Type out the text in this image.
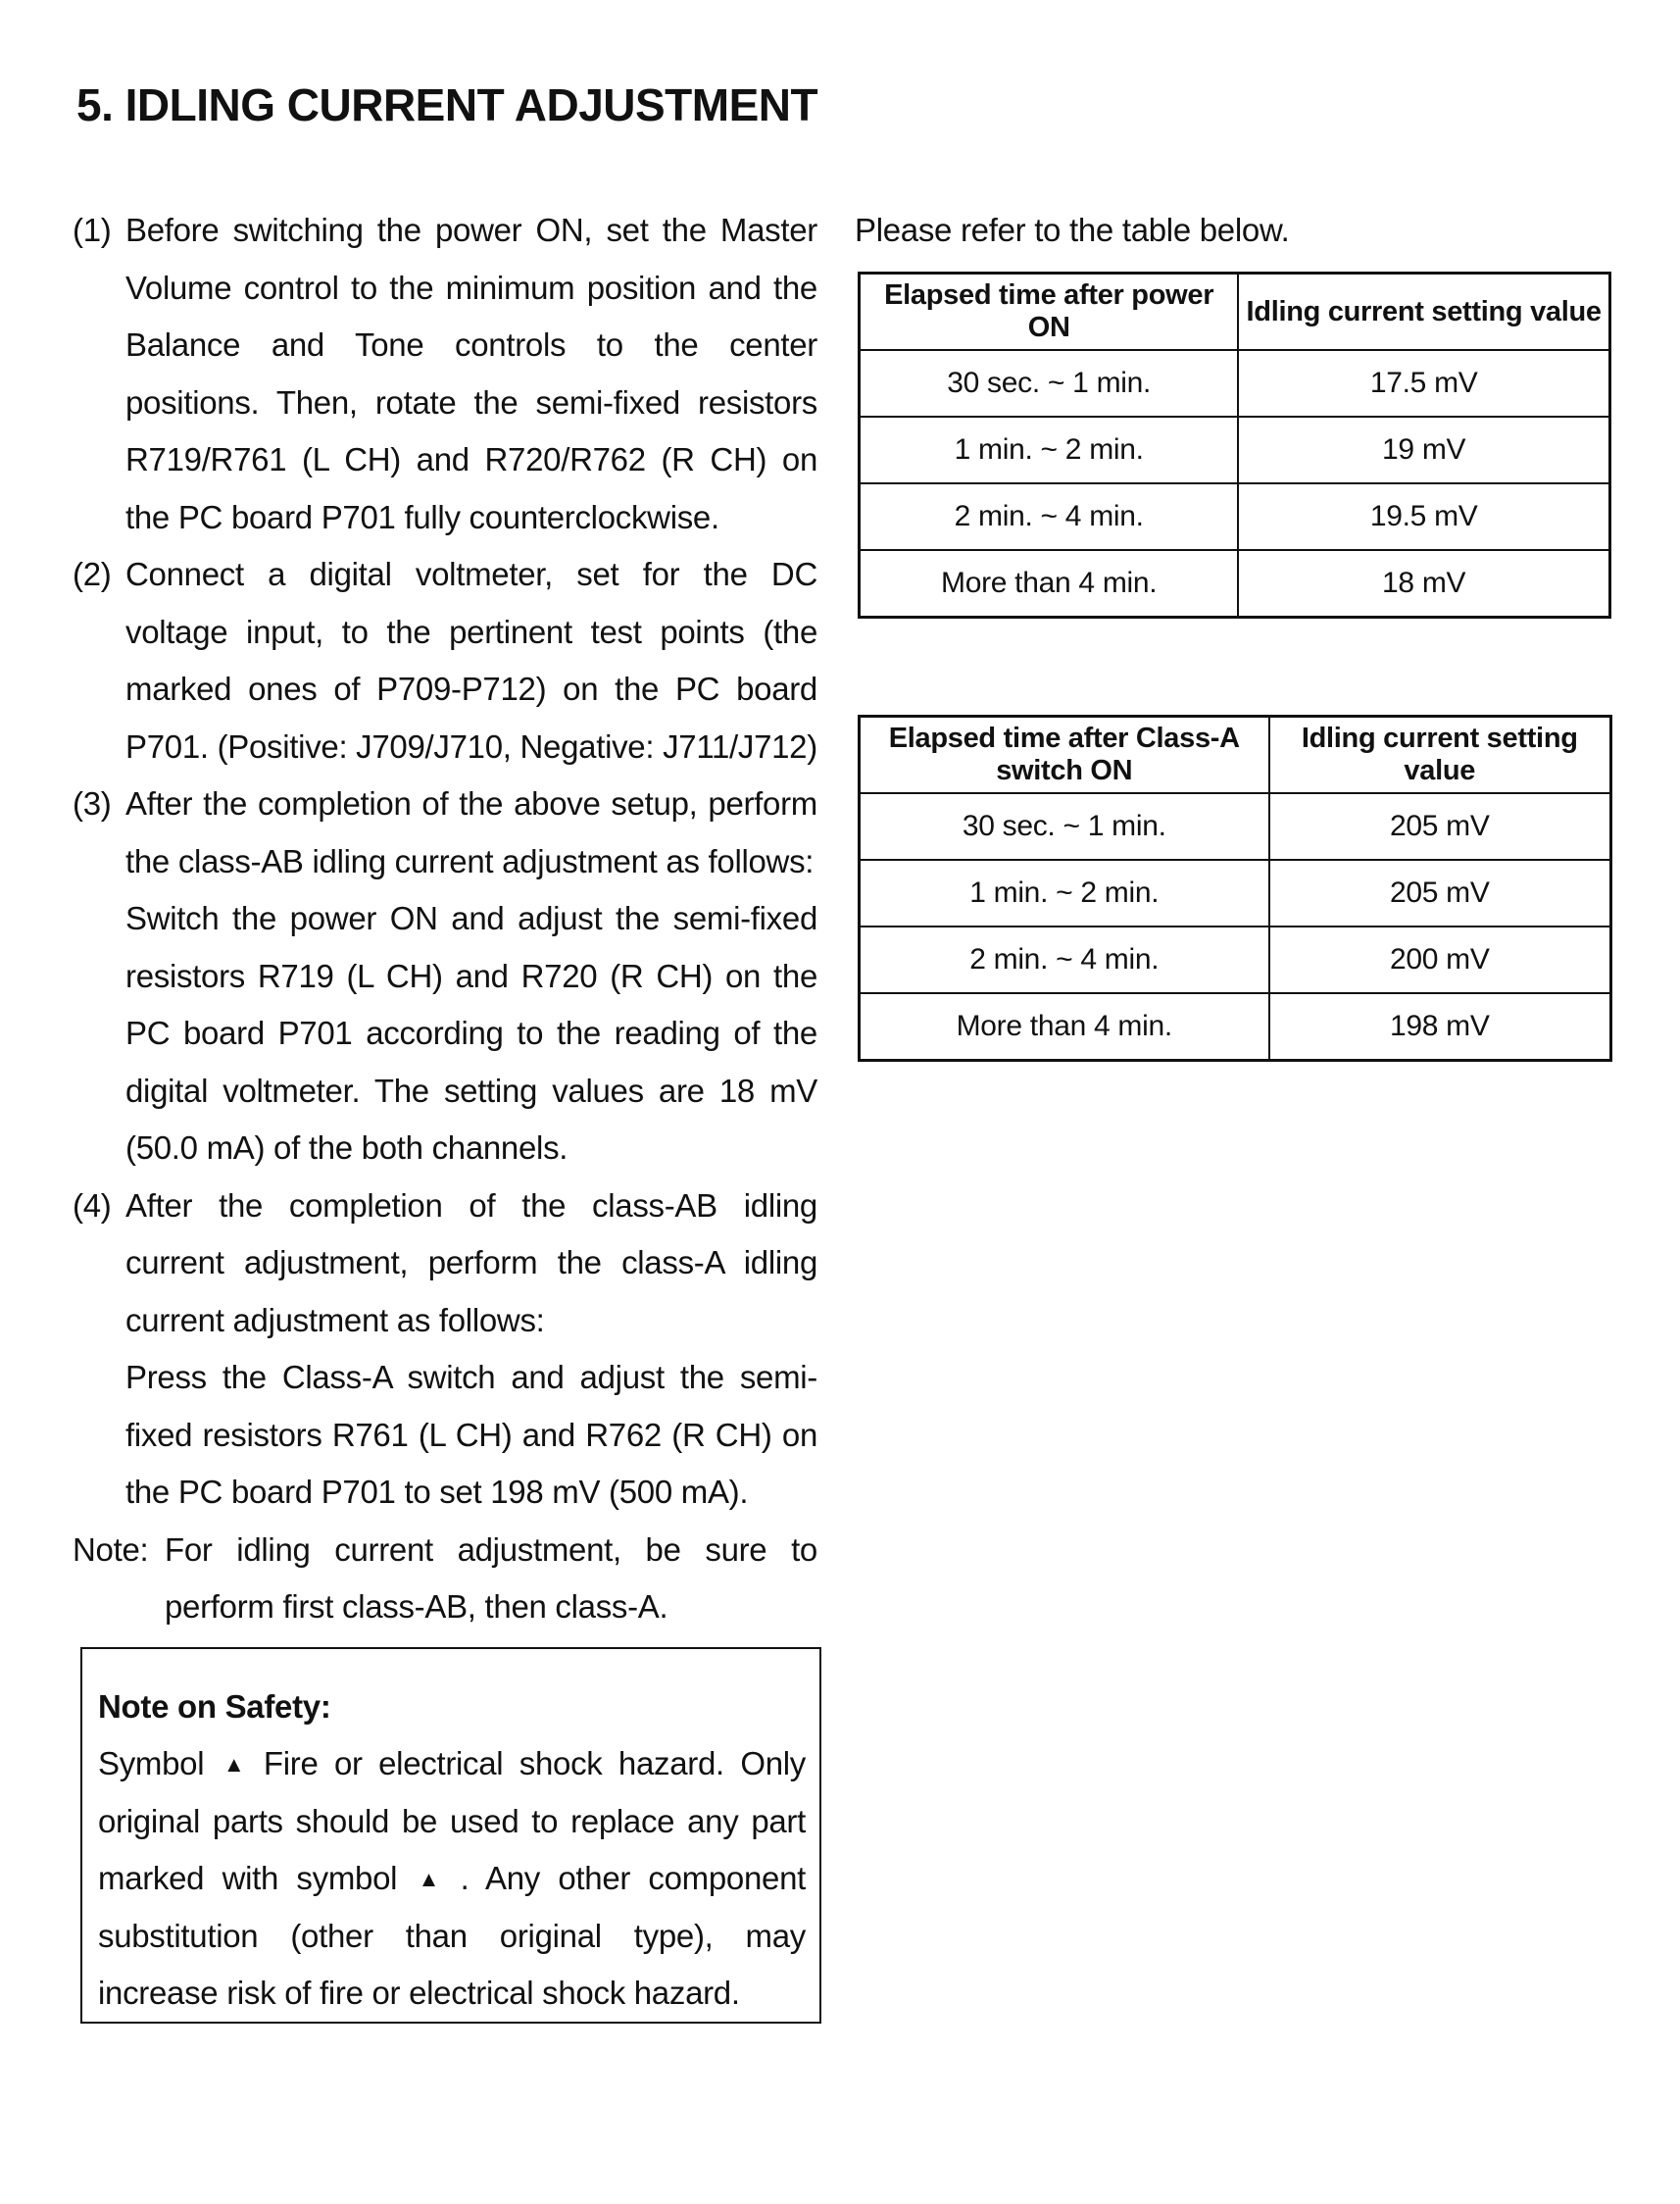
5. IDLING CURRENT ADJUSTMENT
(1) Before switching the power ON, set the Master Volume control to the minimum position and the Balance and Tone controls to the center positions. Then, rotate the semi-fixed resistors R719/R761 (L CH) and R720/R762 (R CH) on the PC board P701 fully counterclockwise.
(2) Connect a digital voltmeter, set for the DC voltage input, to the pertinent test points (the marked ones of P709-P712) on the PC board P701. (Positive: J709/J710, Negative: J711/J712)
(3) After the completion of the above setup, perform the class-AB idling current adjustment as follows:
Switch the power ON and adjust the semi-fixed resistors R719 (L CH) and R720 (R CH) on the PC board P701 according to the reading of the digital voltmeter. The setting values are 18 mV (50.0 mA) of the both channels.
(4) After the completion of the class-AB idling current adjustment, perform the class-A idling current adjustment as follows:
Press the Class-A switch and adjust the semi-fixed resistors R761 (L CH) and R762 (R CH) on the PC board P701 to set 198 mV (500 mA).
Note: For idling current adjustment, be sure to perform first class-AB, then class-A.
Please refer to the table below.
Elapsed time after power ON	Idling current setting value
30 sec. ~ 1 min.	17.5 mV
1 min. ~ 2 min.	19 mV
2 min. ~ 4 min.	19.5 mV
More than 4 min.	18 mV
Elapsed time after Class-A switch ON	Idling current setting value
30 sec. ~ 1 min.	205 mV
1 min. ~ 2 min.	205 mV
2 min. ~ 4 min.	200 mV
More than 4 min.	198 mV
Note on Safety:
Symbol ▲ Fire or electrical shock hazard. Only original parts should be used to replace any part marked with symbol ▲ . Any other component substitution (other than original type), may increase risk of fire or electrical shock hazard.
